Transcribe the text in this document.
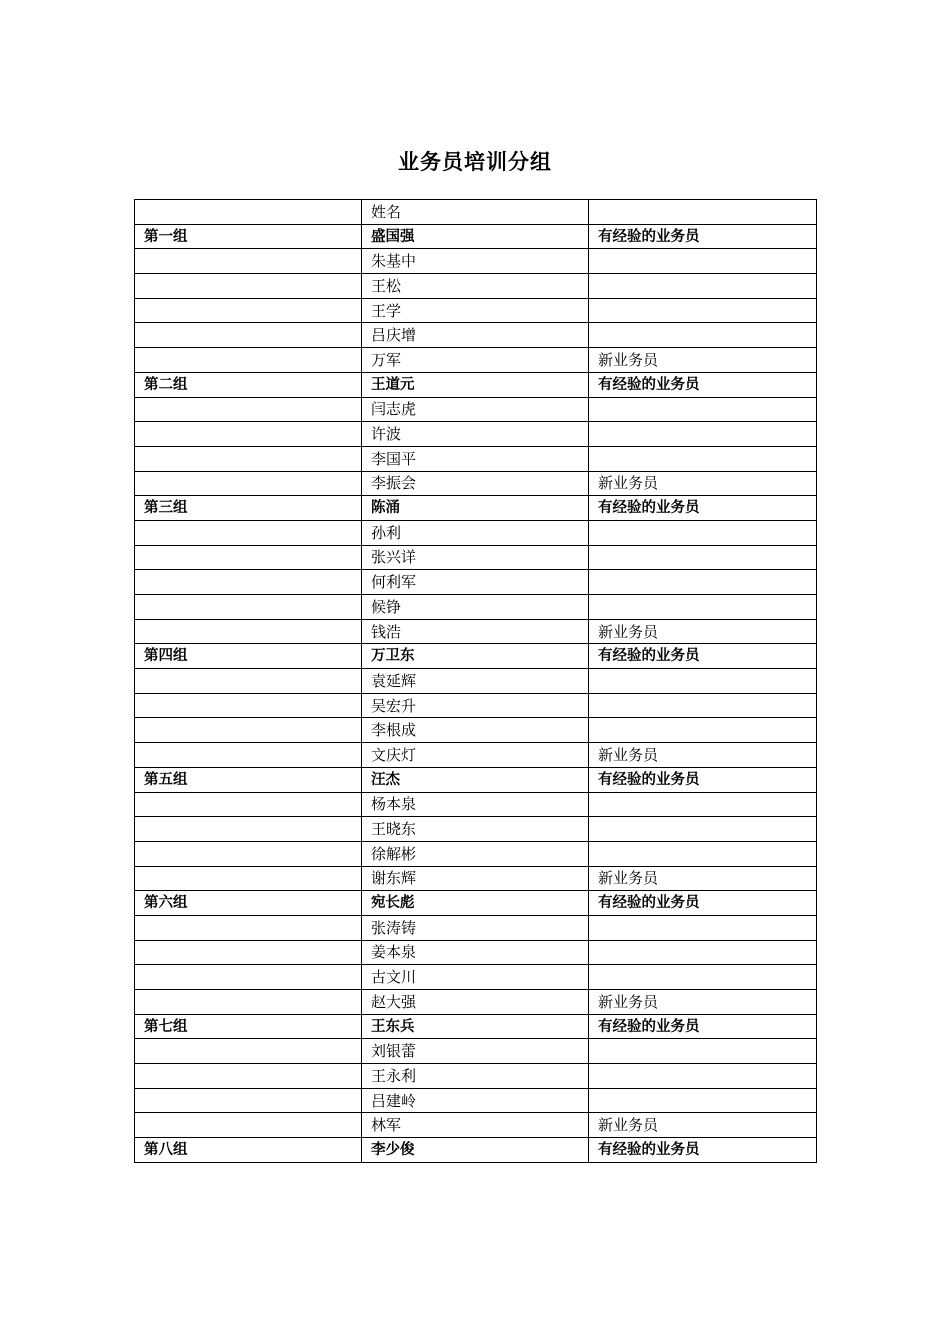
业务员培训分组
	姓名	
第一组	盛国强	有经验的业务员
	朱基中	
	王松	
	王学	
	吕庆增	
	万军	新业务员
第二组	王道元	有经验的业务员
	闫志虎	
	许波	
	李国平	
	李振会	新业务员
第三组	陈涌	有经验的业务员
	孙利	
	张兴详	
	何利军	
	候铮	
	钱浩	新业务员
第四组	万卫东	有经验的业务员
	袁延辉	
	吴宏升	
	李根成	
	文庆灯	新业务员
第五组	汪杰	有经验的业务员
	杨本泉	
	王晓东	
	徐解彬	
	谢东辉	新业务员
第六组	宛长彪	有经验的业务员
	张涛铸	
	姜本泉	
	古文川	
	赵大强	新业务员
第七组	王东兵	有经验的业务员
	刘银蕾	
	王永利	
	吕建岭	
	林军	新业务员
第八组	李少俊	有经验的业务员
